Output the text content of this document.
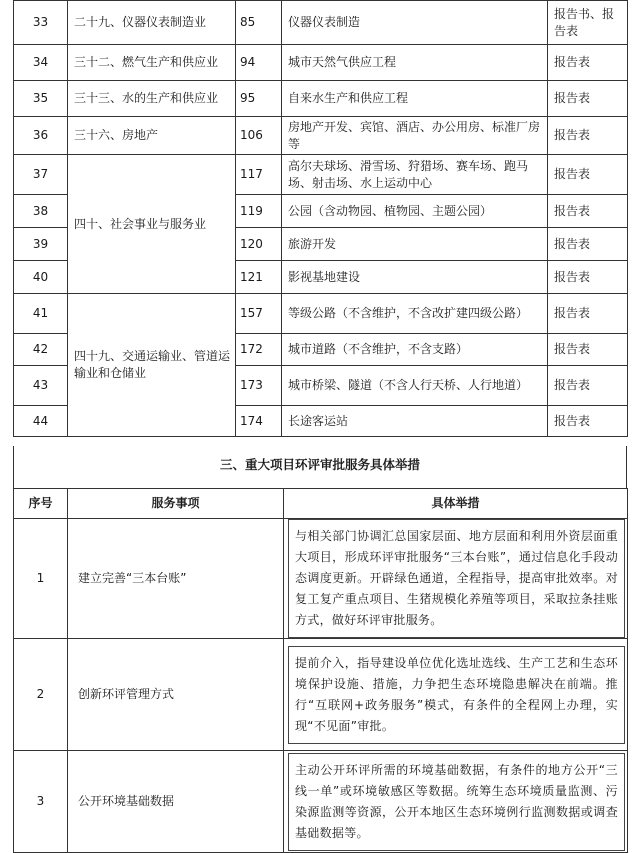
33	二十九、仪器仪表制造业	85	仪器仪表制造	报告书、报告表
34	三十二、燃气生产和供应业	94	城市天然气供应工程	报告表
35	三十三、水的生产和供应业	95	自来水生产和供应工程	报告表
36	三十六、房地产	106	房地产开发、宾馆、酒店、办公用房、标准厂房等	报告表
37	四十、社会事业与服务业	117	高尔夫球场、滑雪场、狩猎场、赛车场、跑马场、射击场、水上运动中心	报告表
38		119	公园（含动物园、植物园、主题公园）	报告表
39		120	旅游开发	报告表
40		121	影视基地建设	报告表
41	四十九、交通运输业、管道运输业和仓储业	157	等级公路（不含维护，不含改扩建四级公路）	报告表
42		172	城市道路（不含维护，不含支路）	报告表
43		173	城市桥梁、隧道（不含人行天桥、人行地道）	报告表
44		174	长途客运站	报告表
三、重大项目环评审批服务具体举措
序号	服务事项	具体举措
1	建立完善“三本台账”	与相关部门协调汇总国家层面、地方层面和利用外资层面重大项目，形成环评审批服务“三本台账”，通过信息化手段动态调度更新。开辟绿色通道，全程指导，提高审批效率。对复工复产重点项目、生猪规模化养殖等项目，采取拉条挂账方式，做好环评审批服务。

2	创新环评管理方式	提前介入，指导建设单位优化选址选线、生产工艺和生态环境保护设施、措施，力争把生态环境隐患解决在前端。推行“互联网+政务服务”模式，有条件的全程网上办理，实现“不见面”审批。

3	公开环境基础数据	主动公开环评所需的环境基础数据，有条件的地方公开“三线一单”或环境敏感区等数据。统筹生态环境质量监测、污染源监测等资源，公开本地区生态环境例行监测数据或调查基础数据等。
